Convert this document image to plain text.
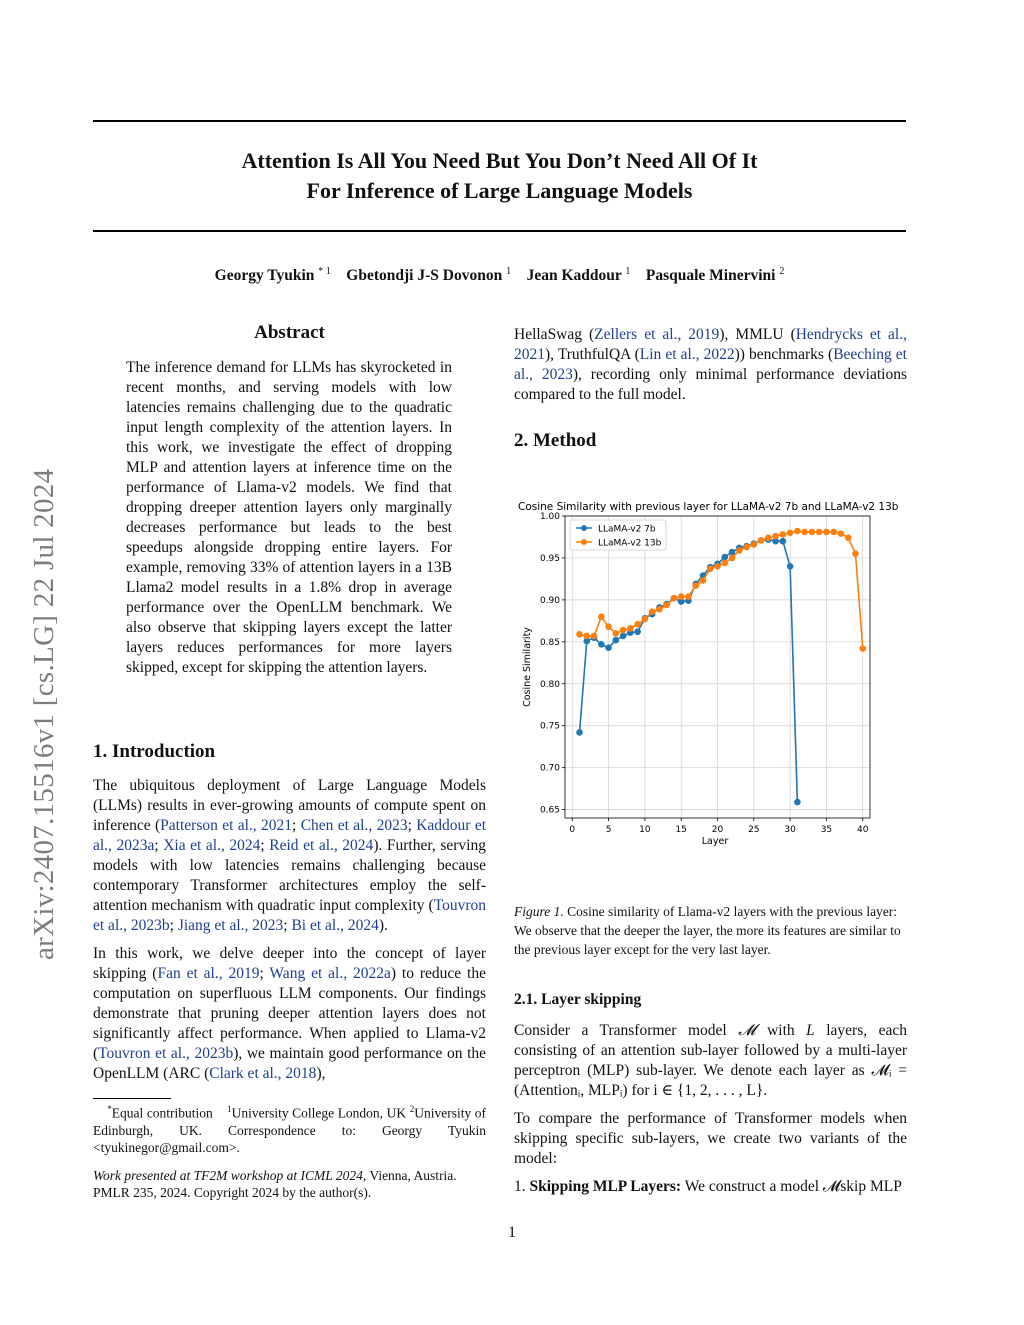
Attention Is All You Need But You Don’t Need All Of It
For Inference of Large Language Models
Georgy Tyukin $^{* 1}$ Gbetondji J-S Dovonon $^1$ Jean Kaddour $^1$ Pasquale Minervini $^2$
arXiv:2407.15516v1 [cs.LG] 22 Jul 2024
Abstract

The inference demand for LLMs has skyrocketed in recent months, and serving models with low latencies remains challenging due to the quadratic input length complexity of the attention layers. In this work, we investigate the effect of dropping MLP and attention layers at inference time on the performance of Llama-v2 models. We find that dropping dreeper attention layers only marginally decreases performance but leads to the best speedups alongside dropping entire layers. For example, removing 33% of attention layers in a 13B Llama2 model results in a 1.8% drop in average performance over the OpenLLM benchmark. We also observe that skipping layers except the latter layers reduces performances for more layers skipped, except for skipping the attention layers.

1. Introduction

The ubiquitous deployment of Large Language Models (LLMs) results in ever-growing amounts of compute spent on inference (Patterson et al., 2021; Chen et al., 2023; Kaddour et al., 2023a; Xia et al., 2024; Reid et al., 2024). Further, serving models with low latencies remains challenging because contemporary Transformer architectures employ the self-attention mechanism with quadratic input complexity (Touvron et al., 2023b; Jiang et al., 2023; Bi et al., 2024).

In this work, we delve deeper into the concept of layer skipping (Fan et al., 2019; Wang et al., 2022a) to reduce the computation on superfluous LLM components. Our findings demonstrate that pruning deeper attention layers does not significantly affect performance. When applied to Llama-v2 (Touvron et al., 2023b), we maintain good performance on the OpenLLM (ARC (Clark et al., 2018),

*Equal contribution $^1$University College London, UK $^2$University of Edinburgh, UK. Correspondence to: Georgy Tyukin <tyukinegor@gmail.com>.
Work presented at TF2M workshop at ICML 2024, Vienna, Austria. PMLR 235, 2024. Copyright 2024 by the author(s).

HellaSwag (Zellers et al., 2019), MMLU (Hendrycks et al., 2021), TruthfulQA (Lin et al., 2022)) benchmarks (Beeching et al., 2023), recording only minimal performance deviations compared to the full model.

2. Method
Cosine Similarity with previous layer for LLaMA-v2 7b and LLaMA-v2 13b
0.65
0.70
0.75
0.80
0.85
0.90
0.95
1.00
0	5	10	15	20	25	30	35	40
Cosine Similarity
Layer
LLaMA-v2 7b
LLaMA-v2 13b
Figure 1. Cosine similarity of Llama-v2 layers with the previous layer: We observe that the deeper the layer, the more its features are similar to the previous layer except for the very last layer.
2.1. Layer skipping

Consider a Transformer model 𝓜 with L layers, each consisting of an attention sub-layer followed by a multi-layer perceptron (MLP) sub-layer. We denote each layer as 𝓜ᵢ = (Attentionᵢ, MLPᵢ) for i ∈ {1, 2, . . . , L}.

To compare the performance of Transformer models when skipping specific sub-layers, we create two variants of the model:

1. Skipping MLP Layers: We construct a model 𝓜skip MLP

1
